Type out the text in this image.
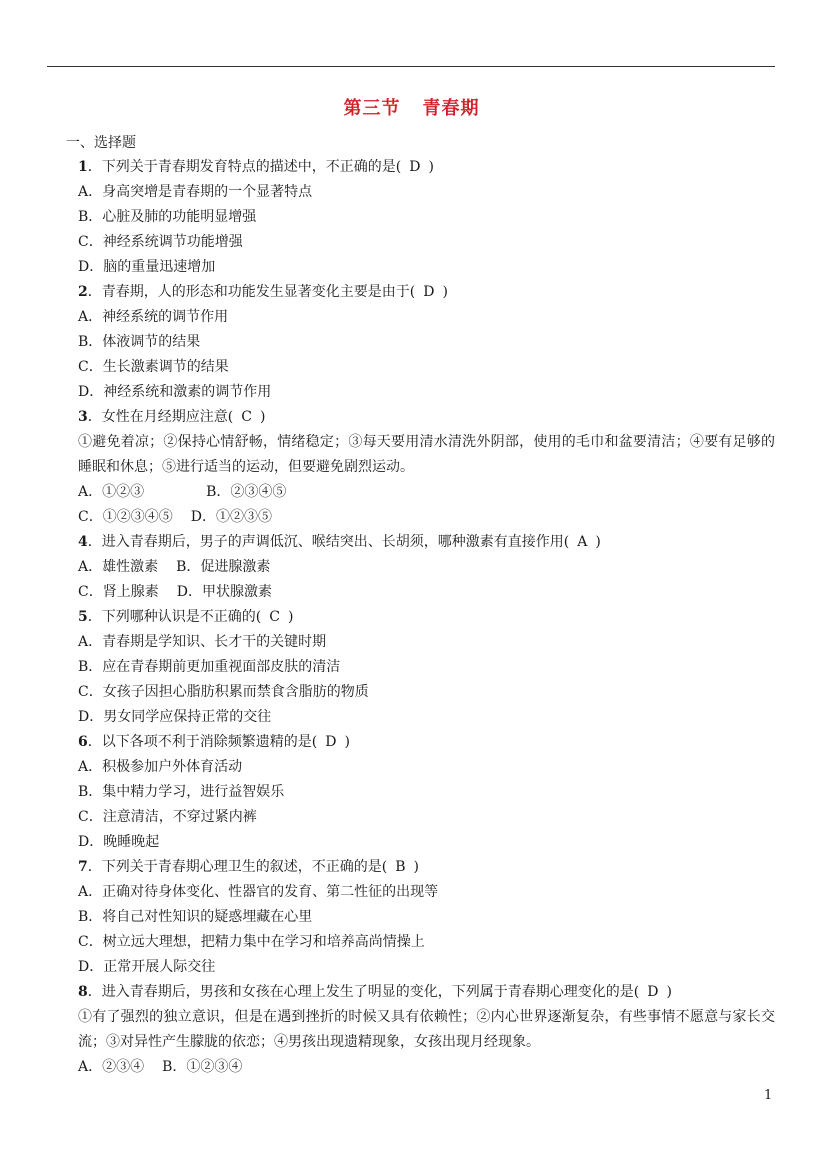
第三节 青春期
一、选择题
1．下列关于青春期发育特点的描述中，不正确的是( D )
A．身高突增是青春期的一个显著特点
B．心脏及肺的功能明显增强
C．神经系统调节功能增强
D．脑的重量迅速增加
2．青春期，人的形态和功能发生显著变化主要是由于( D )
A．神经系统的调节作用
B．体液调节的结果
C．生长激素调节的结果
D．神经系统和激素的调节作用
3．女性在月经期应注意( C )
①避免着凉；②保持心情舒畅，情绪稳定；③每天要用清水清洗外阴部，使用的毛巾和盆要清洁；④要有足够的睡眠和休息；⑤进行适当的运动，但要避免剧烈运动。
A．①②③	B．②③④⑤
C．①②③④⑤ D．①②③⑤
4．进入青春期后，男子的声调低沉、喉结突出、长胡须，哪种激素有直接作用( A )
A．雄性激素 B．促进腺激素
C．肾上腺素 D．甲状腺激素
5．下列哪种认识是不正确的( C )
A．青春期是学知识、长才干的关键时期
B．应在青春期前更加重视面部皮肤的清洁
C．女孩子因担心脂肪积累而禁食含脂肪的物质
D．男女同学应保持正常的交往
6．以下各项不利于消除频繁遗精的是( D )
A．积极参加户外体育活动
B．集中精力学习，进行益智娱乐
C．注意清洁，不穿过紧内裤
D．晚睡晚起
7．下列关于青春期心理卫生的叙述，不正确的是( B )
A．正确对待身体变化、性器官的发育、第二性征的出现等
B．将自己对性知识的疑惑埋藏在心里
C．树立远大理想，把精力集中在学习和培养高尚情操上
D．正常开展人际交往
8．进入青春期后，男孩和女孩在心理上发生了明显的变化，下列属于青春期心理变化的是( D )
①有了强烈的独立意识，但是在遇到挫折的时候又具有依赖性；②内心世界逐渐复杂，有些事情不愿意与家长交流；③对异性产生朦胧的依恋；④男孩出现遗精现象，女孩出现月经现象。
A．②③④ B．①②③④
1
